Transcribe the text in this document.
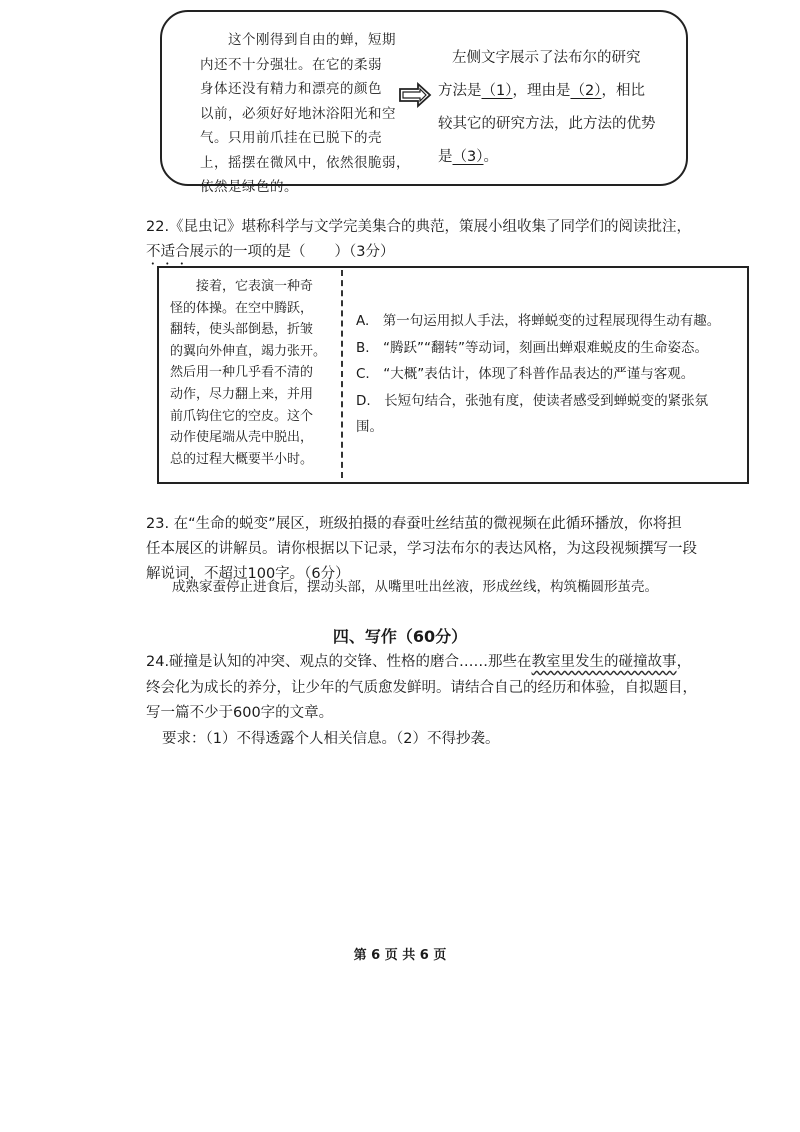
这个刚得到自由的蝉，短期
内还不十分强壮。在它的柔弱
身体还没有精力和漂亮的颜色
以前，必须好好地沐浴阳光和空
气。只用前爪挂在已脱下的壳
上，摇摆在微风中，依然很脆弱，
依然是绿色的。
左侧文字展示了法布尔的研究
方法是（1），理由是（2），相比
较其它的研究方法，此方法的优势
是（3）。
22.《昆虫记》堪称科学与文学完美集合的典范，策展小组收集了同学们的阅读批注，
不适合展示的一项的是（　　）（3分）
接着，它表演一种奇
怪的体操。在空中腾跃，
翻转，使头部倒悬，折皱
的翼向外伸直，竭力张开。
然后用一种几乎看不清的
动作，尽力翻上来，并用
前爪钩住它的空皮。这个
动作使尾端从壳中脱出，
总的过程大概要半小时。
A.　第一句运用拟人手法，将蝉蜕变的过程展现得生动有趣。
B.　“腾跃”“翻转”等动词，刻画出蝉艰难蜕皮的生命姿态。
C.　“大概”表估计，体现了科普作品表达的严谨与客观。
D.　长短句结合，张弛有度，使读者感受到蝉蜕变的紧张氛
围。
23. 在“生命的蜕变”展区，班级拍摄的春蚕吐丝结茧的微视频在此循环播放，你将担
任本展区的讲解员。请你根据以下记录，学习法布尔的表达风格，为这段视频撰写一段
解说词，不超过100字。（6分）
成熟家蚕停止进食后，摆动头部，从嘴里吐出丝液，形成丝线，构筑椭圆形茧壳。
四、写作（60分）
24.碰撞是认知的冲突、观点的交锋、性格的磨合……那些在教室里发生的碰撞故事，
终会化为成长的养分，让少年的气质愈发鲜明。请结合自己的经历和体验，自拟题目，
写一篇不少于600字的文章。
要求：（1）不得透露个人相关信息。（2）不得抄袭。
第 6 页 共 6 页
